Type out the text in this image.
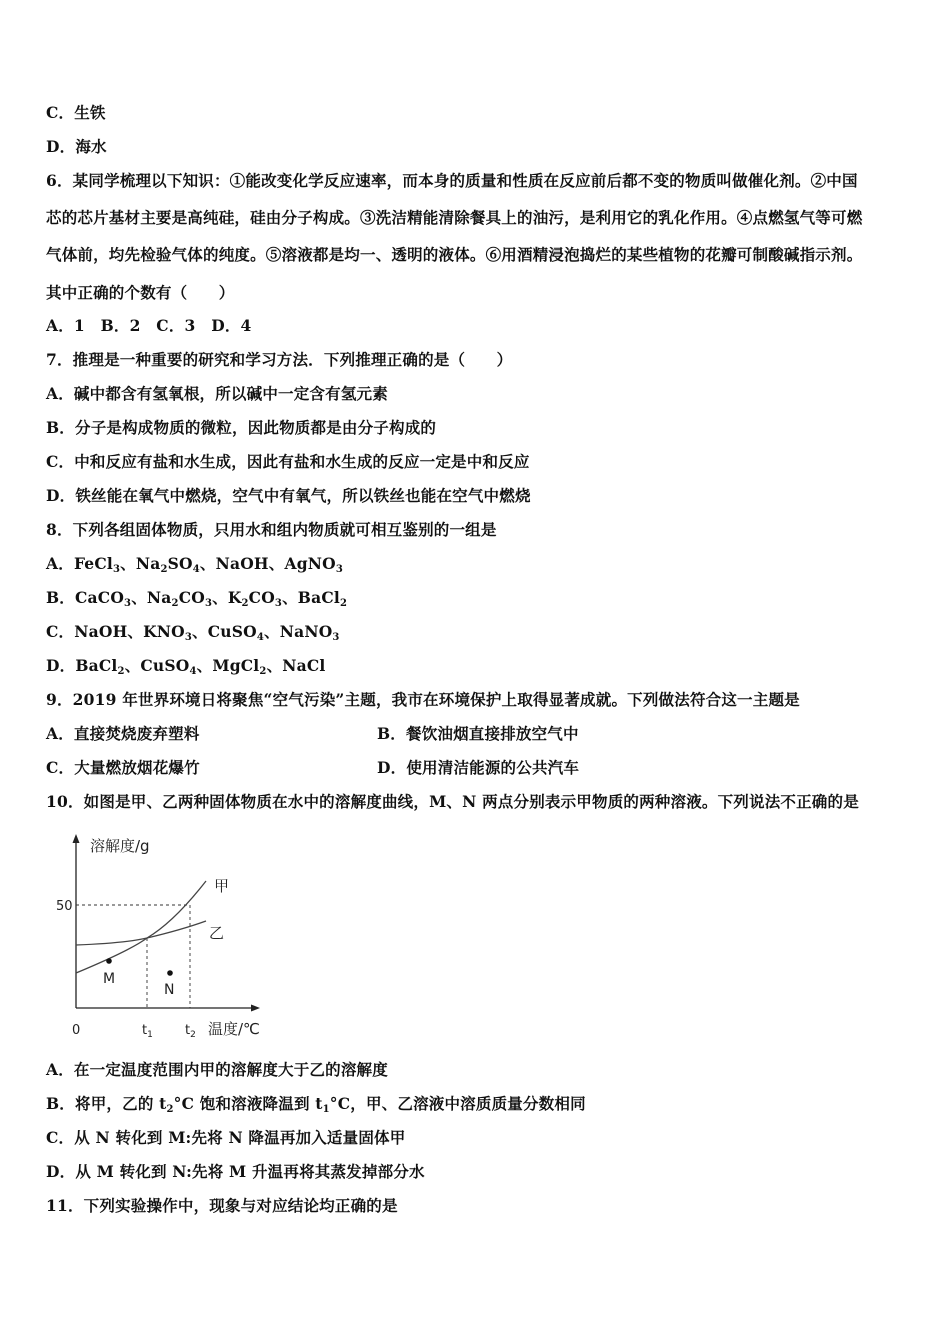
C．生铁
D．海水
6．某同学梳理以下知识：①能改变化学反应速率，而本身的质量和性质在反应前后都不变的物质叫做催化剂。②中国
芯的芯片基材主要是高纯硅，硅由分子构成。③洗洁精能清除餐具上的油污，是利用它的乳化作用。④点燃氢气等可燃
气体前，均先检验气体的纯度。⑤溶液都是均一、透明的液体。⑥用酒精浸泡捣烂的某些植物的花瓣可制酸碱指示剂。
其中正确的个数有（　　）
A．1　B．2　C．3　D．4
7．推理是一种重要的研究和学习方法．下列推理正确的是（　　）
A．碱中都含有氢氧根，所以碱中一定含有氢元素
B．分子是构成物质的微粒，因此物质都是由分子构成的
C．中和反应有盐和水生成，因此有盐和水生成的反应一定是中和反应
D．铁丝能在氧气中燃烧，空气中有氧气，所以铁丝也能在空气中燃烧
8．下列各组固体物质，只用水和组内物质就可相互鉴别的一组是
9．2019 年世界环境日将聚焦“空气污染”主题，我市在环境保护上取得显著成就。下列做法符合这一主题是
A．直接焚烧废弃塑料	B．餐饮油烟直接排放空气中
C．大量燃放烟花爆竹	D．使用清洁能源的公共汽车
10．如图是甲、乙两种固体物质在水中的溶解度曲线，M、N 两点分别表示甲物质的两种溶液。下列说法不正确的是
A．在一定温度范围内甲的溶解度大于乙的溶解度
C．从 N 转化到 M:先将 N 降温再加入适量固体甲
D．从 M 转化到 N:先将 M 升温再将其蒸发掉部分水
11．下列实验操作中，现象与对应结论均正确的是
A．FeCl$_3$、$Na_2SO_4$、NaOH、AgNO$_3$
B．CaCO$_3$、$Na_2CO_3$、$K_2CO_3$、BaCl$_2$
C．NaOH、$KNO_3$、CuSO$_4$、NaNO$_3$
D．BaCl$_2$、CuSO$_4$、MgCl$_2$、NaCl
B．将甲，乙的 $t_2^\circ C$ 饱和溶液降温到 $t_1^\circ C$，甲、乙溶液中溶质质量分数相同
溶解度/g
温度/℃
0
50
$t_1$ $t_2$
甲
乙
M
N
